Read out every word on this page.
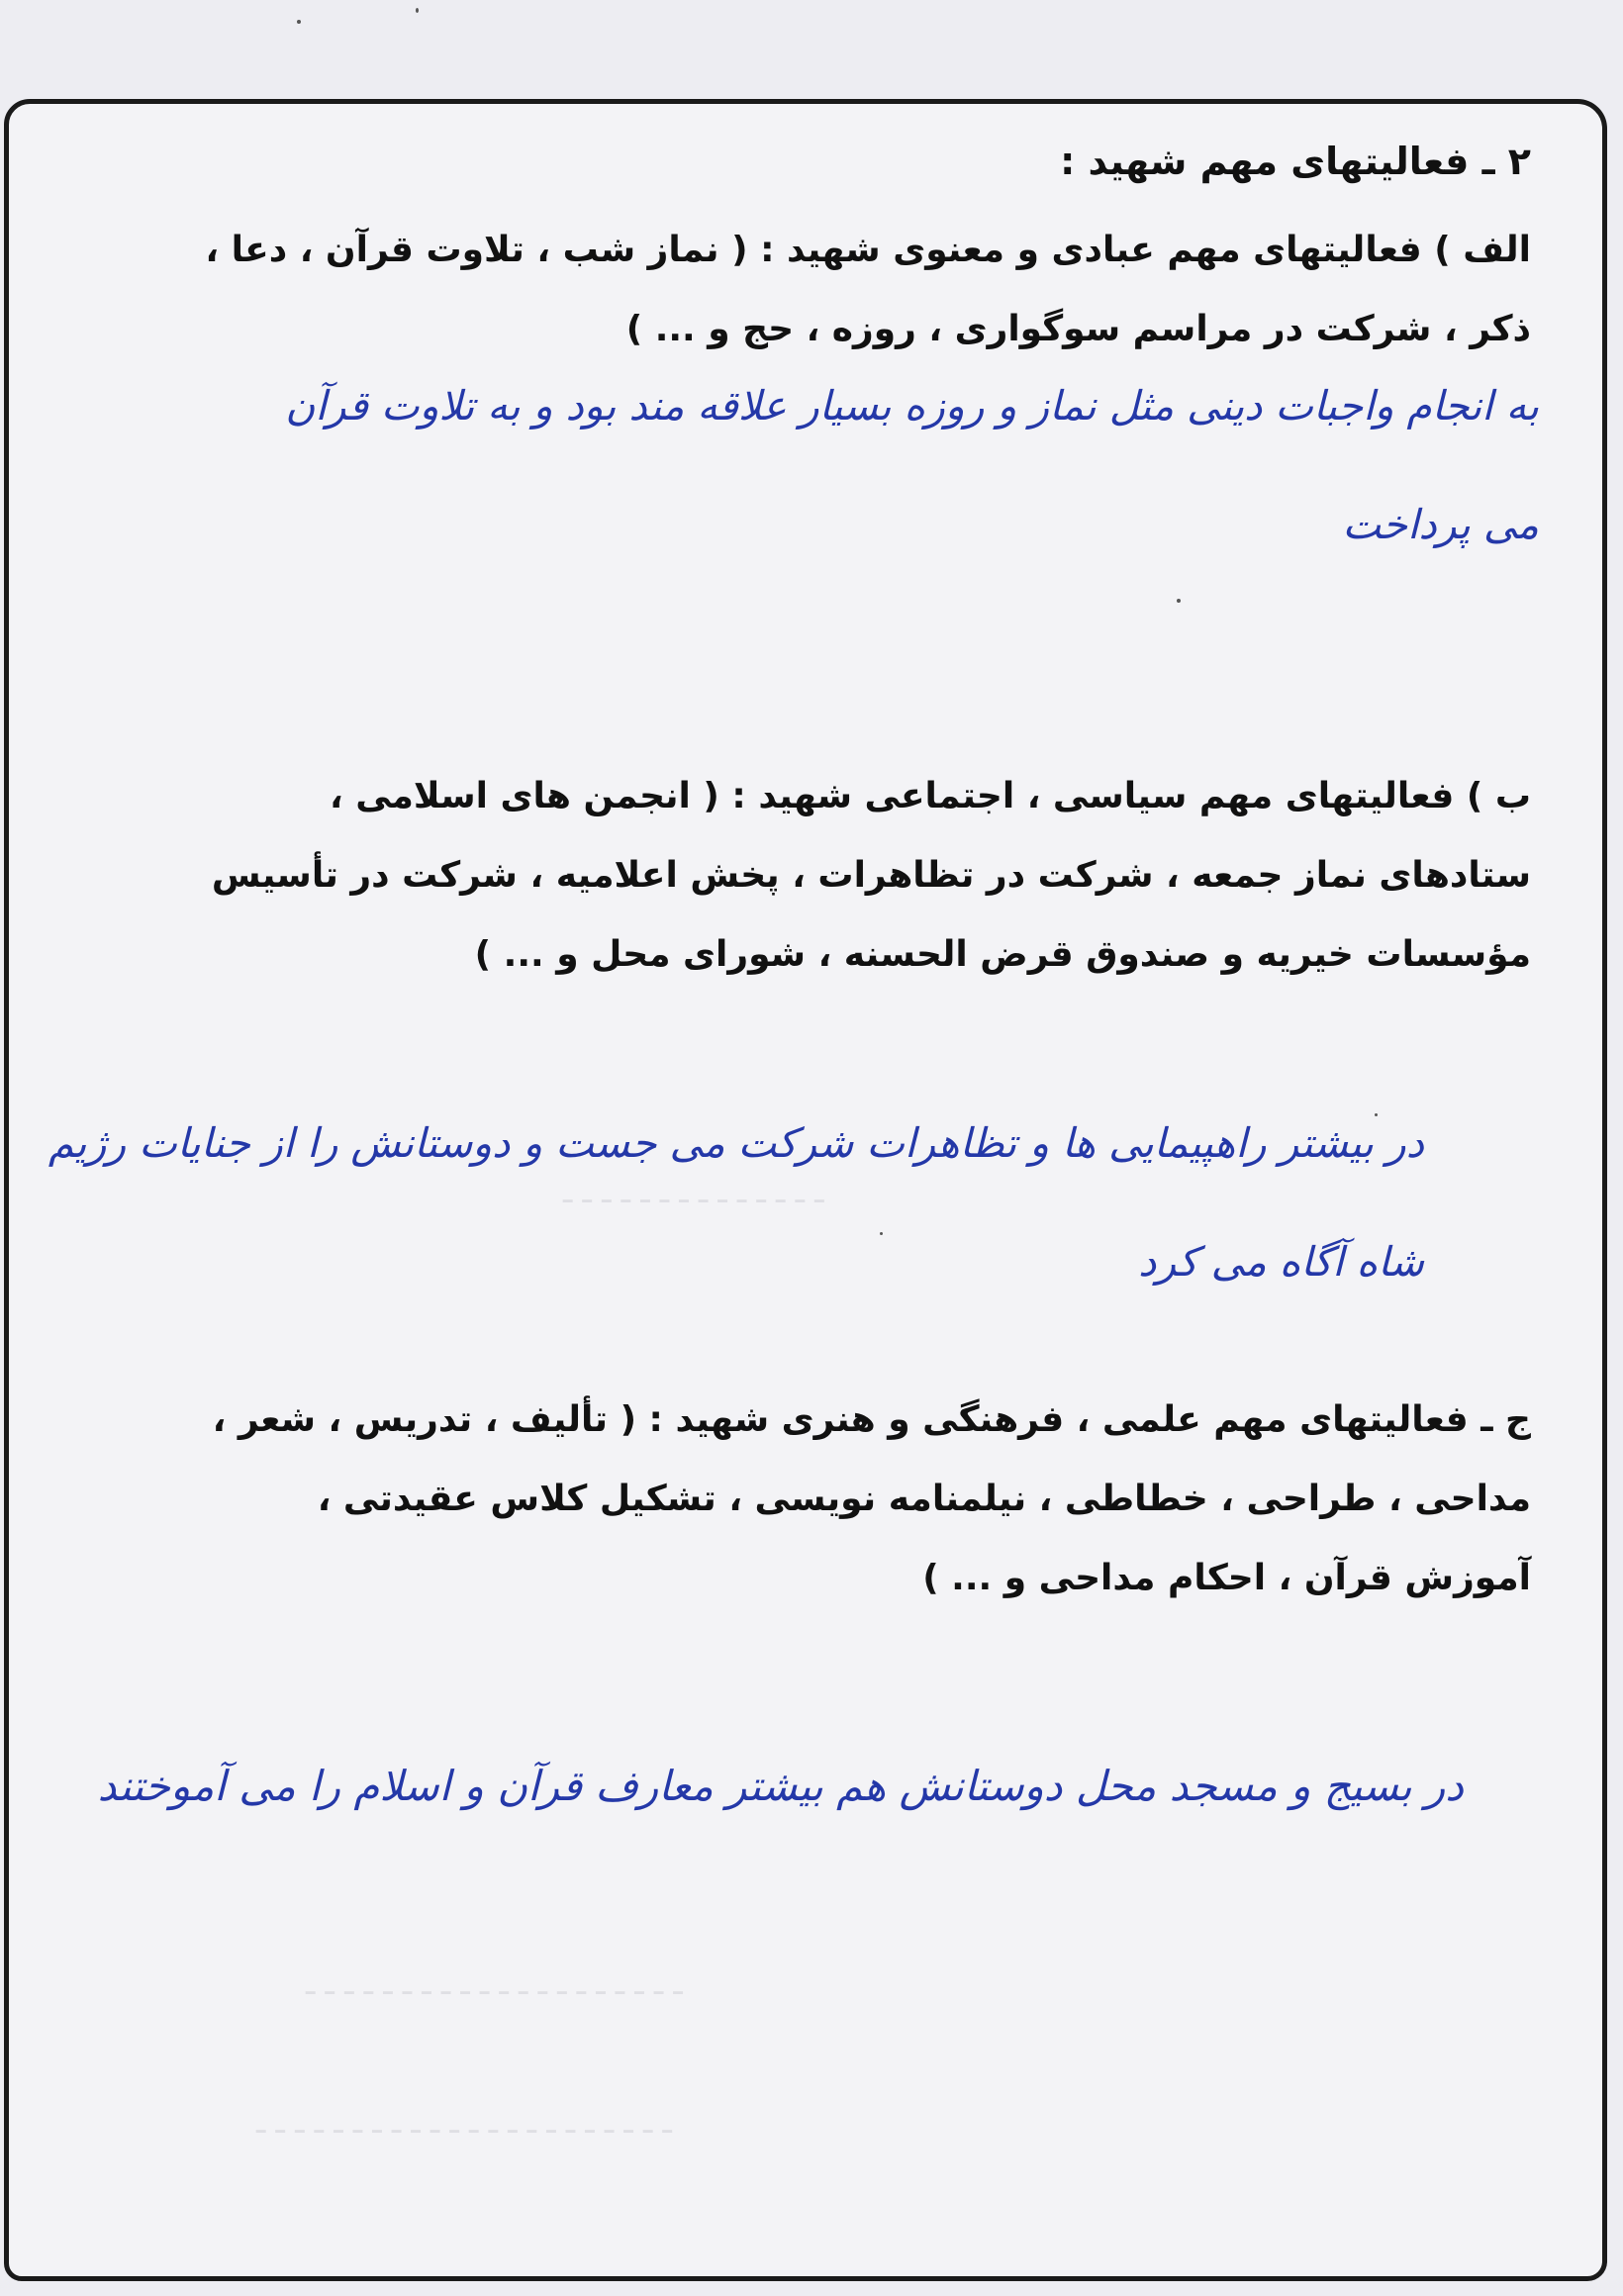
ـ ـ ـ ـ ـ ـ ـ ـ ـ ـ ـ ـ ـ ـ
ـ ـ ـ ـ ـ ـ ـ ـ ـ ـ ـ ـ ـ ـ ـ ـ ـ ـ ـ ـ
ـ ـ ـ ـ ـ ـ ـ ـ ـ ـ ـ ـ ـ ـ ـ ـ ـ ـ ـ ـ ـ ـ

۲ ـ فعالیتهای مهم شهید :

الف ) فعالیتهای مهم عبادی و معنوی شهید : ( نماز شب ، تلاوت قرآن ، دعا ،
ذکر ، شرکت در مراسم سوگواری ، روزه ، حج و ... )

به انجام واجبات دینی مثل نماز و روزه بسیار علاقه مند بود و به تلاوت قرآن
می پرداخت

ب ) فعالیتهای مهم سیاسی ، اجتماعی شهید : ( انجمن های اسلامی ،
ستادهای نماز جمعه ، شرکت در تظاهرات ، پخش اعلامیه ، شرکت در تأسیس
مؤسسات خیریه و صندوق قرض الحسنه ، شورای محل و ... )

در بیشتر راهپیمایی ها و تظاهرات شرکت می جست و دوستانش را از جنایات رژیم
شاه آگاه می کرد

ج ـ فعالیتهای مهم علمی ، فرهنگی و هنری شهید : ( تألیف ، تدریس ، شعر ،
مداحی ، طراحی ، خطاطی ، نیلمنامه نویسی ، تشکیل کلاس عقیدتی ،
آموزش قرآن ، احکام مداحی و ... )

در بسیج و مسجد محل دوستانش هم بیشتر معارف قرآن و اسلام را می آموختند
